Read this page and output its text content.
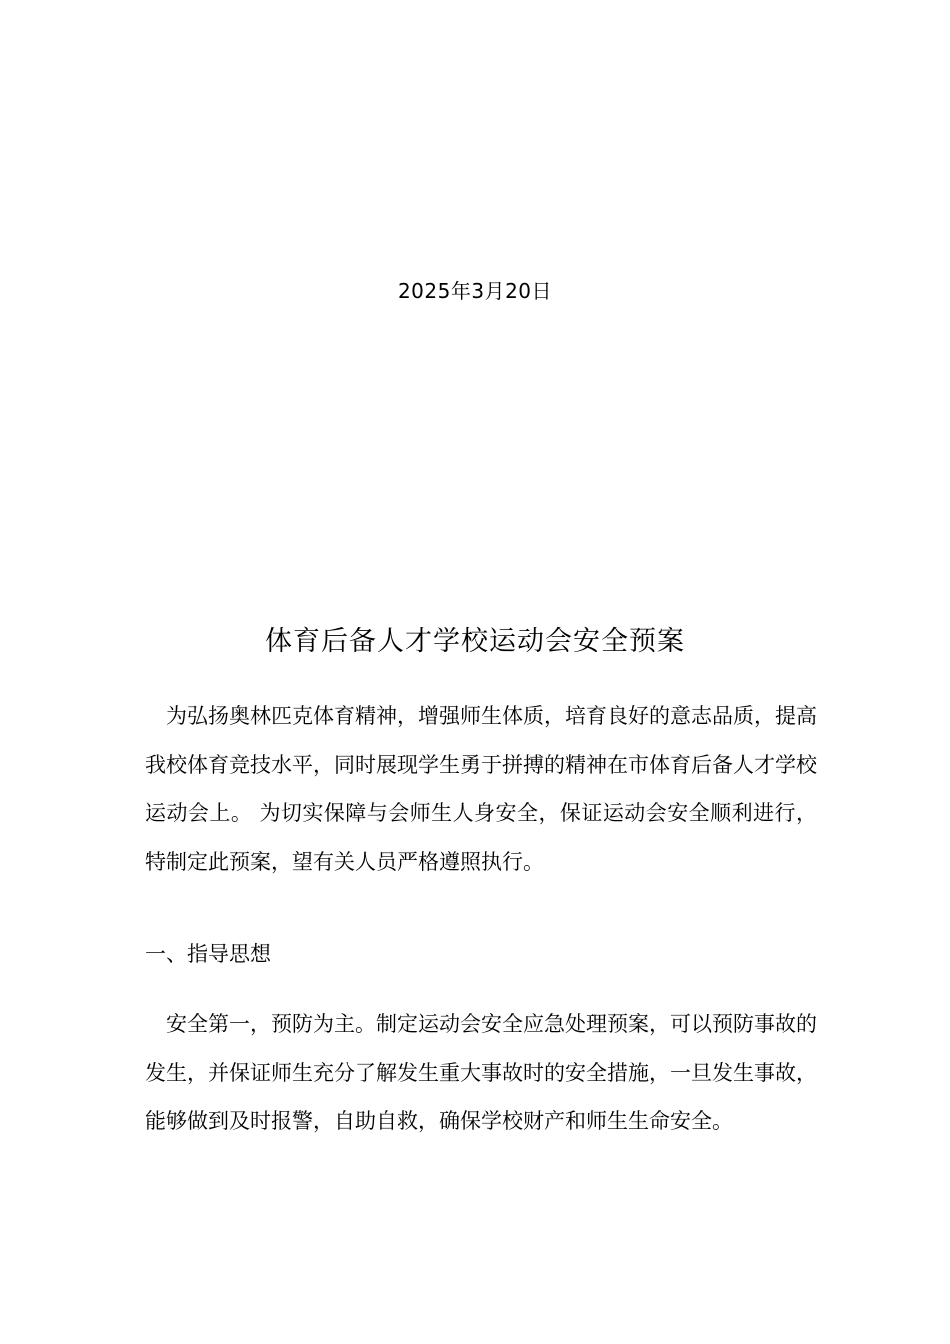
2025年3月20日
体育后备人才学校运动会安全预案

为弘扬奥林匹克体育精神，增强师生体质，培育良好的意志品质，提高我校体育竞技水平，同时展现学生勇于拼搏的精神在市体育后备人才学校运动会上。 为切实保障与会师生人身安全，保证运动会安全顺利进行，特制定此预案，望有关人员严格遵照执行。

一、指导思想

安全第一，预防为主。制定运动会安全应急处理预案，可以预防事故的发生，并保证师生充分了解发生重大事故时的安全措施，一旦发生事故，能够做到及时报警，自助自救，确保学校财产和师生生命安全。
